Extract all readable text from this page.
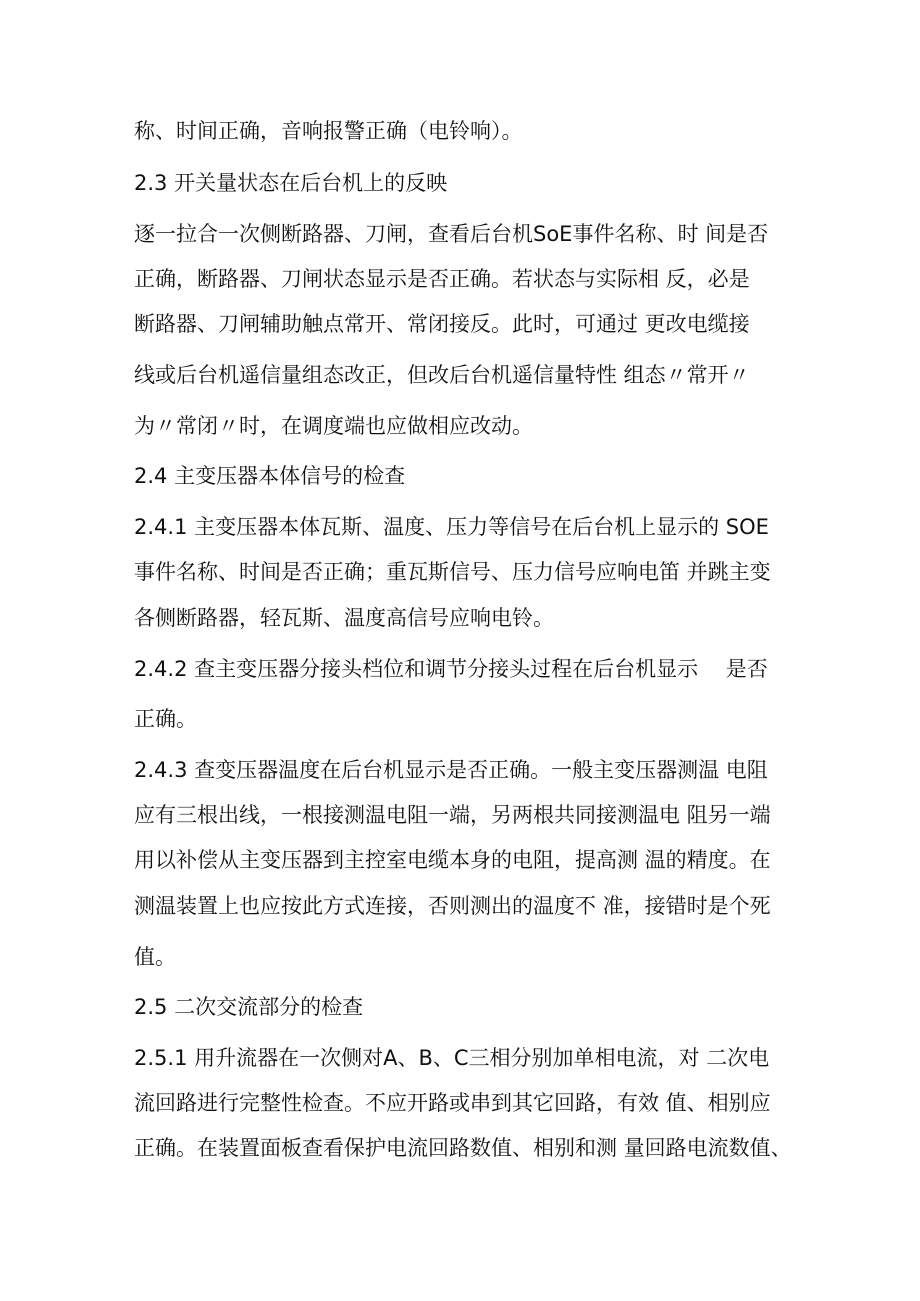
称、时间正确，音响报警正确（电铃响）。
2.3 开关量状态在后台机上的反映
逐一拉合一次侧断路器、刀闸，查看后台机SoE事件名称、时 间是否
正确，断路器、刀闸状态显示是否正确。若状态与实际相 反，必是
断路器、刀闸辅助触点常开、常闭接反。此时，可通过 更改电缆接
线或后台机遥信量组态改正，但改后台机遥信量特性 组态〃常开〃
为〃常闭〃时，在调度端也应做相应改动。
2.4 主变压器本体信号的检查
2.4.1 主变压器本体瓦斯、温度、压力等信号在后台机上显示的 SOE
事件名称、时间是否正确；重瓦斯信号、压力信号应响电笛 并跳主变
各侧断路器，轻瓦斯、温度高信号应响电铃。
2.4.2 查主变压器分接头档位和调节分接头过程在后台机显示　 是否
正确。
2.4.3 查变压器温度在后台机显示是否正确。一般主变压器测温 电阻
应有三根出线，一根接测温电阻一端，另两根共同接测温电 阻另一端
用以补偿从主变压器到主控室电缆本身的电阻，提高测 温的精度。在
测温装置上也应按此方式连接，否则测出的温度不 准，接错时是个死
值。
2.5 二次交流部分的检查
2.5.1 用升流器在一次侧对A、B、C三相分别加单相电流，对 二次电
流回路进行完整性检查。不应开路或串到其它回路，有效 值、相别应
正确。在装置面板查看保护电流回路数值、相别和测 量回路电流数值、
